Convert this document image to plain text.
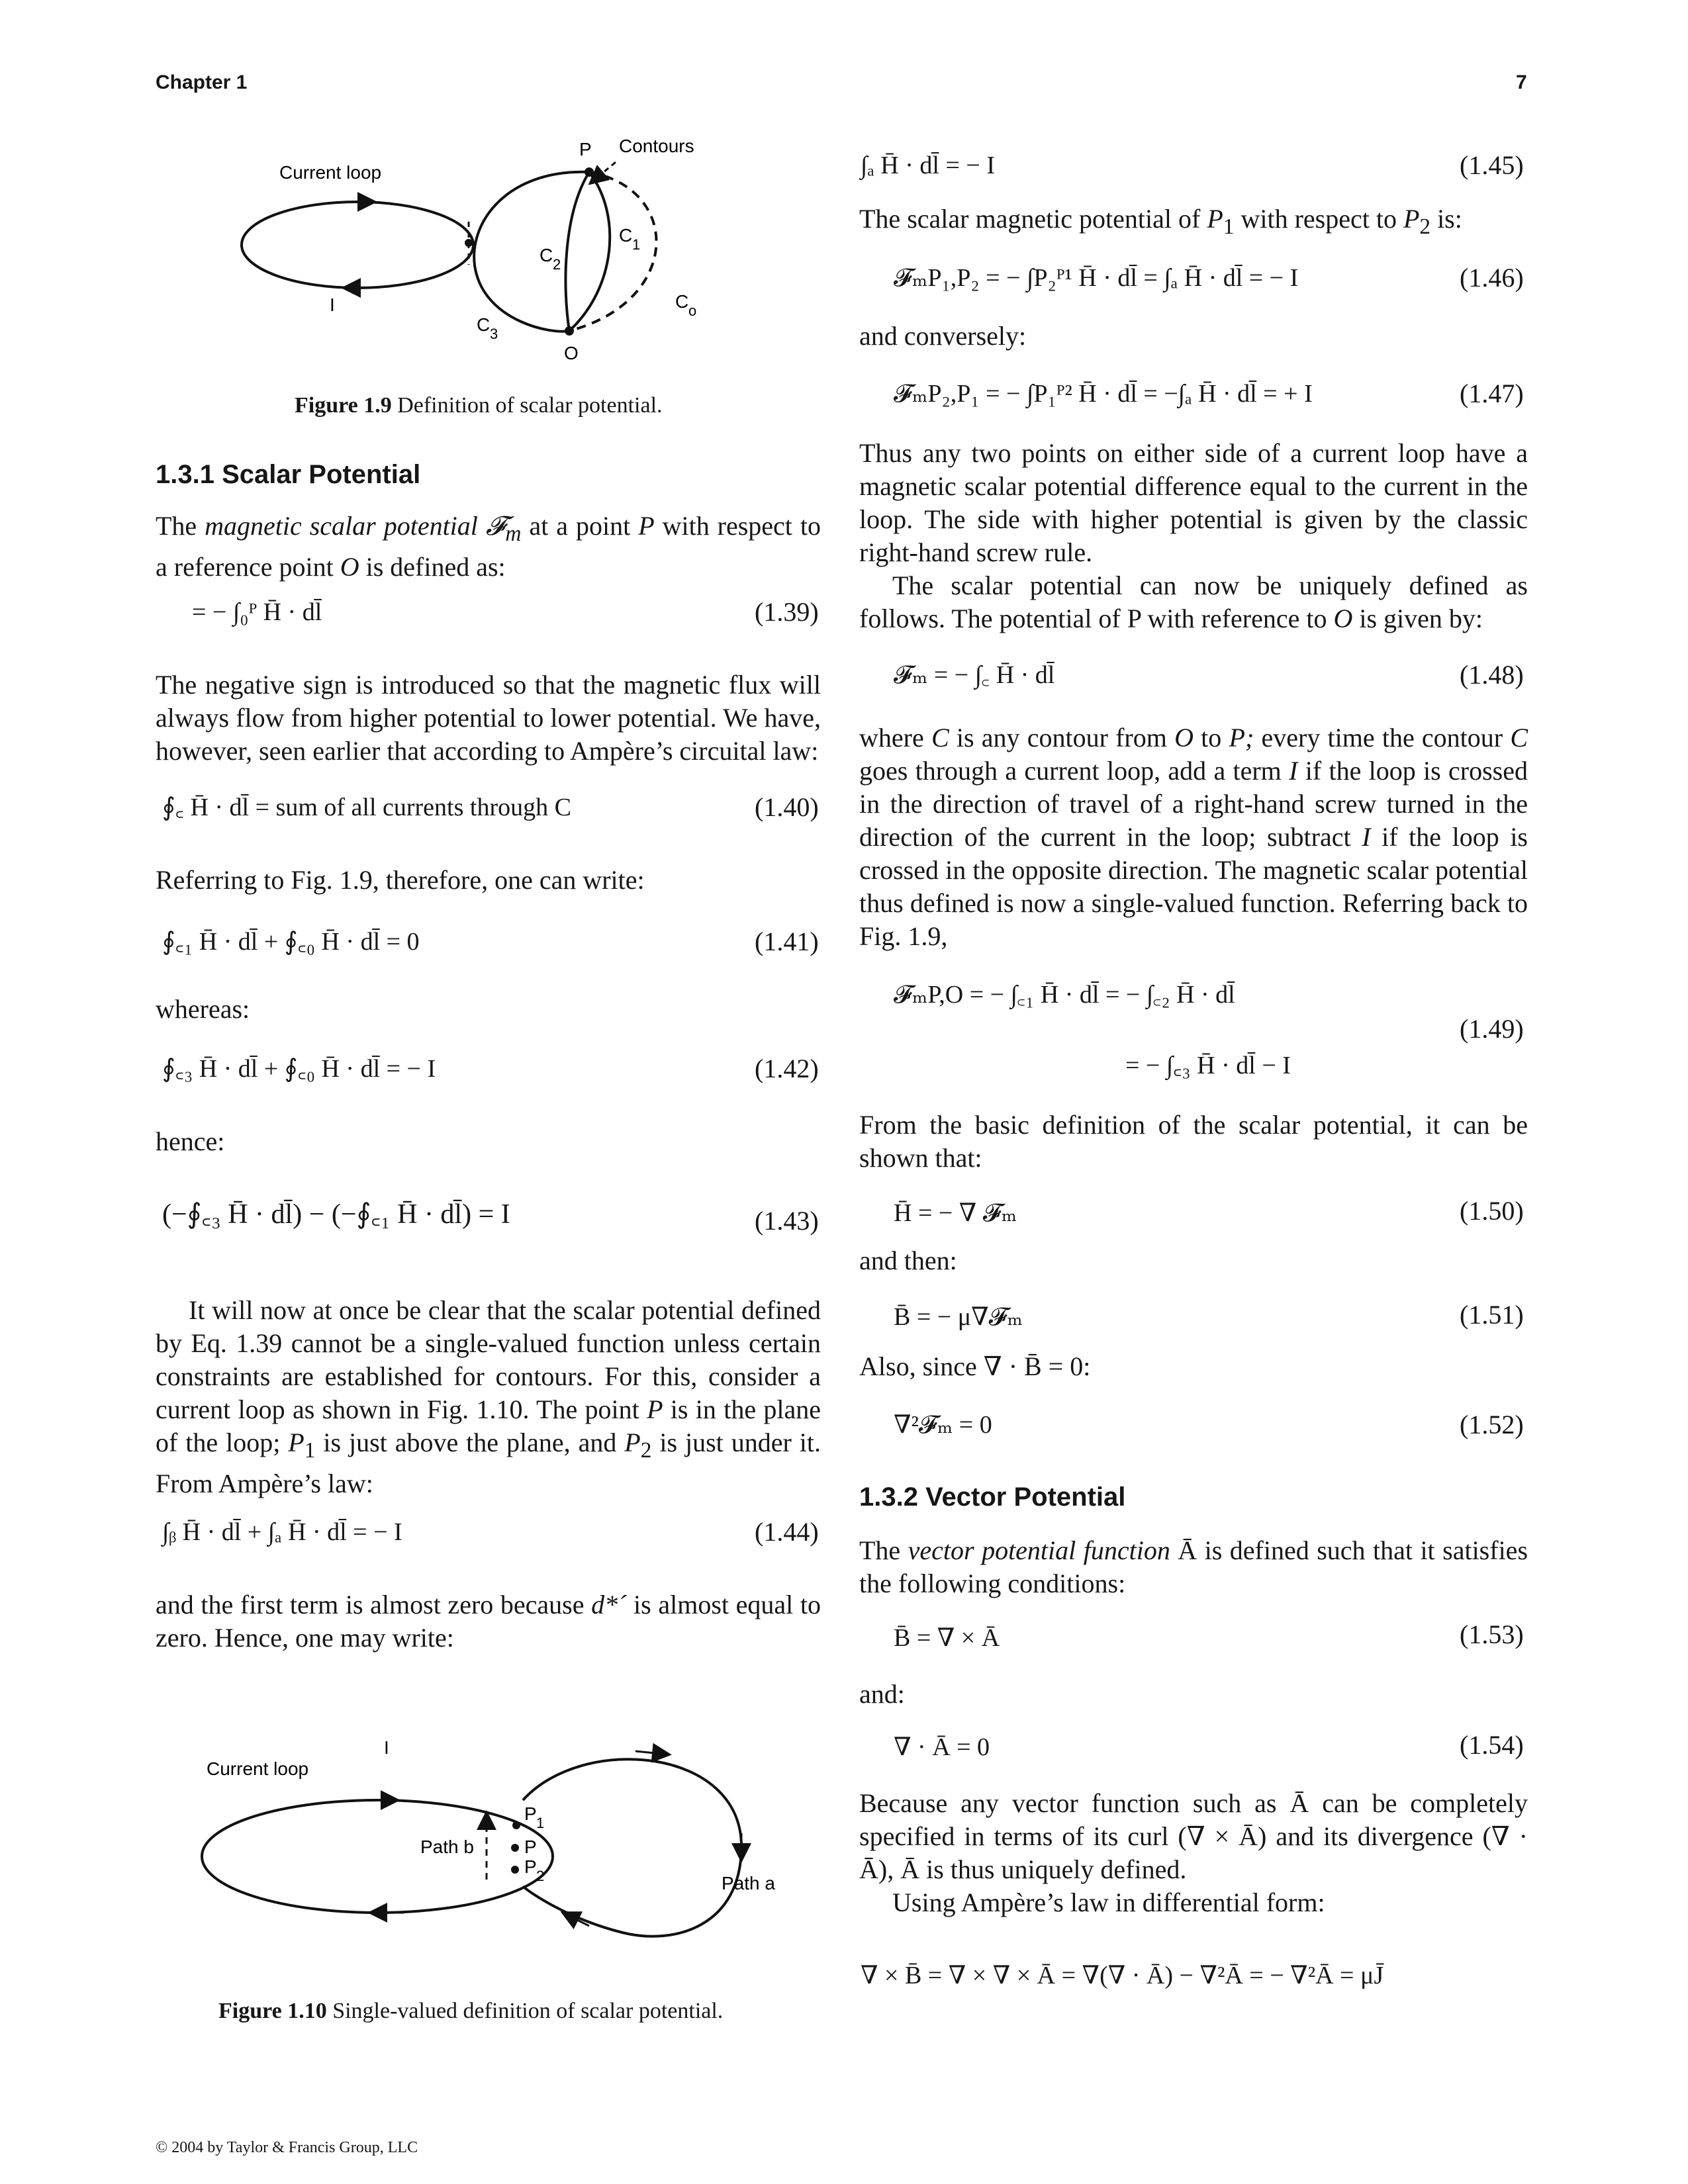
Chapter 1	7
P Contours
Current loop
I
C 2
C 1
C o
C 3
O
Figure 1.9 Definition of scalar potential.
1.3.1 Scalar Potential

The magnetic scalar potential 𝓕$_m$ at a point P with respect to a reference point O is defined as:

= − ∫₀ᴾ H̄ · dl̄	(1.39)
The negative sign is introduced so that the magnetic flux will always flow from higher potential to lower potential. We have, however, seen earlier that according to Ampère’s circuital law:
∮꜀ H̄ · dl̄ = sum of all currents through C	(1.40)
Referring to Fig. 1.9, therefore, one can write:
∮꜀₁ H̄ · dl̄ + ∮꜀₀ H̄ · dl̄ = 0	(1.41)
whereas:
∮꜀₃ H̄ · dl̄ + ∮꜀₀ H̄ · dl̄ = − I	(1.42)
hence:
(−∮꜀₃ H̄ · dl̄) − (−∮꜀₁ H̄ · dl̄) = I	(1.43)

It will now at once be clear that the scalar potential defined by Eq. 1.39 cannot be a single-valued function unless certain constraints are established for contours. For this, consider a current loop as shown in Fig. 1.10. The point P is in the plane of the loop; $P_1$ is just above the plane, and $P_2$ is just under it. From Ampère’s law:

∫ᵦ H̄ · dl̄ + ∫ₐ H̄ · dl̄ = − I	(1.44)

and the first term is almost zero because d*´ is almost equal to zero. Hence, one may write:

I
Current loop
Path b
Path a
P 1
P
P 2
Figure 1.10 Single-valued definition of scalar potential.
∫ₐ H̄ · dl̄ = − I	(1.45)

The scalar magnetic potential of $P_1$ with respect to $P_2$ is:

𝓕ₘP₁,P₂ = − ∫P₂ᴾ¹ H̄ · dl̄ = ∫ₐ H̄ · dl̄ = − I	(1.46)
and conversely:
𝓕ₘP₂,P₁ = − ∫P₁ᴾ² H̄ · dl̄ = −∫ₐ H̄ · dl̄ = + I	(1.47)
Thus any two points on either side of a current loop have a magnetic scalar potential difference equal to the current in the loop. The side with higher potential is given by the classic right-hand screw rule.

The scalar potential can now be uniquely defined as follows. The potential of P with reference to O is given by:

𝓕ₘ = − ∫꜀ H̄ · dl̄	(1.48)

where C is any contour from O to P; every time the contour C goes through a current loop, add a term I if the loop is crossed in the direction of travel of a right-hand screw turned in the direction of the current in the loop; subtract I if the loop is crossed in the opposite direction. The magnetic scalar potential thus defined is now a single-valued function. Referring back to Fig. 1.9,

𝓕ₘP,O = − ∫꜀₁ H̄ · dl̄ = − ∫꜀₂ H̄ · dl̄
= − ∫꜀₃ H̄ · dl̄ − I
(1.49)
From the basic definition of the scalar potential, it can be shown that:
H̄ = − ∇ 𝓕ₘ	(1.50)
and then:
B̄ = − μ∇𝓕ₘ	(1.51)

Also, since ∇ · B̄ = 0:

∇²𝓕ₘ = 0	(1.52)
1.3.2 Vector Potential

The vector potential function Ā is defined such that it satisfies the following conditions:

B̄ = ∇ × Ā	(1.53)
and:
∇ · Ā = 0	(1.54)
Because any vector function such as Ā can be completely specified in terms of its curl (∇ × Ā) and its divergence (∇ · Ā), Ā is thus uniquely defined.
Using Ampère’s law in differential form:
∇ × B̄ = ∇ × ∇ × Ā = ∇(∇ · Ā) − ∇²Ā = − ∇²Ā = μJ̄
© 2004 by Taylor & Francis Group, LLC
